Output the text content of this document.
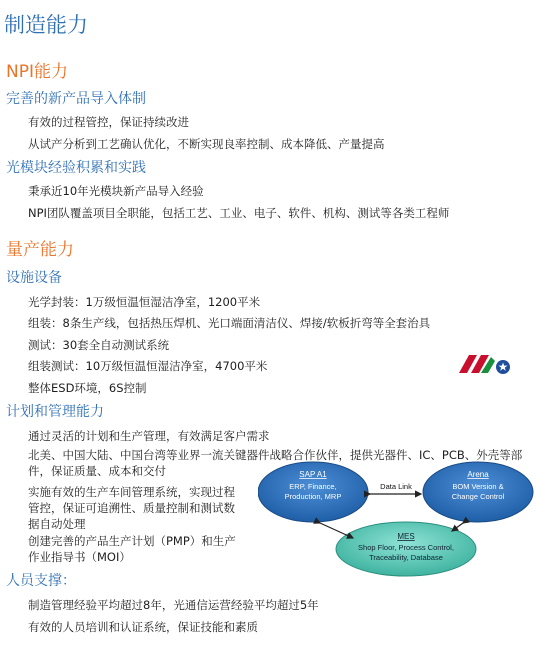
制造能力
NPI能力
完善的新产品导入体制
有效的过程管控，保证持续改进
从试产分析到工艺确认优化，不断实现良率控制、成本降低、产量提高
光模块经验积累和实践
秉承近10年光模块新产品导入经验
NPI团队覆盖项目全职能，包括工艺、工业、电子、软件、机构、测试等各类工程师
量产能力
设施设备
光学封装：1万级恒温恒湿洁净室，1200平米
组装：8条生产线，包括热压焊机、光口端面清洁仪、焊接/软板折弯等全套治具
测试：30套全自动测试系统
组装测试：10万级恒温恒湿洁净室，4700平米
整体ESD环境，6S控制
计划和管理能力
通过灵活的计划和生产管理，有效满足客户需求
北美、中国大陆、中国台湾等业界一流关键器件战略合作伙伴，提供光器件、IC、PCB、外壳等部件，保证质量、成本和交付
实施有效的生产车间管理系统，实现过程管控，保证可追溯性、质量控制和测试数据自动处理
创建完善的产品生产计划（PMP）和生产作业指导书（MOI）
Data Link
SAP A1
ERP, Finance,
Production, MRP
Arena
BOM Version &
Change Control
MES
Shop Floor, Process Control,
Traceability, Database
人员支撑：
制造管理经验平均超过8年，光通信运营经验平均超过5年
有效的人员培训和认证系统，保证技能和素质
